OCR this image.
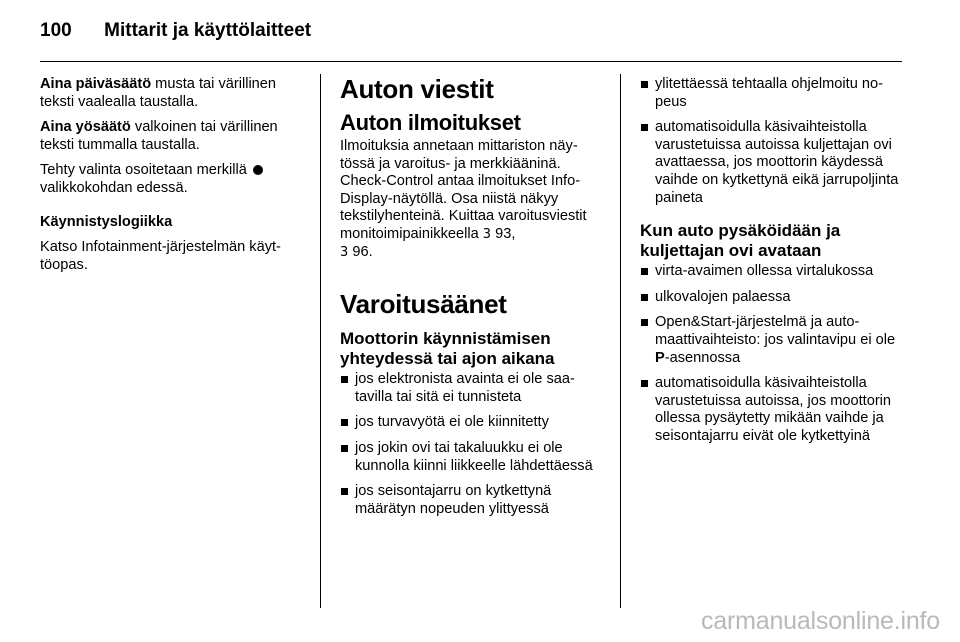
100 Mittarit ja käyttölaitteet

Aina päiväsäätö musta tai värillinen teksti vaalealla taustalla.

Aina yösäätö valkoinen tai värillinen teksti tummalla taustalla.

Tehty valinta osoitetaan merkillä
valikkokohdan edessä.

Käynnistyslogiikka

Katso Infotainment-järjestelmän käyttöopas.

Auton viestit
Auton ilmoitukset

Ilmoituksia annetaan mittariston näytössä ja varoitus- ja merkkiääninä. Check-Control antaa ilmoitukset Info-Display-näytöllä. Osa niistä näkyy tekstilyhenteinä. Kuittaa varoitusviestit monitoimipainikkeella 3 93,
3 96.

Varoitusäänet
Moottorin käynnistämisen yhteydessä tai ajon aikana
jos elektronista avainta ei ole saatavilla tai sitä ei tunnisteta
jos turvavyötä ei ole kiinnitetty
jos jokin ovi tai takaluukku ei ole kunnolla kiinni liikkeelle lähdettäessä
jos seisontajarru on kytkettynä määrätyn nopeuden ylittyessä
ylitettäessä tehtaalla ohjelmoitu nopeus
automatisoidulla käsivaihteistolla varustetuissa autoissa kuljettajan ovi avattaessa, jos moottorin käydessä vaihde on kytkettynä eikä jarrupoljinta paineta
Kun auto pysäköidään ja kuljettajan ovi avataan
virta-avaimen ollessa virtalukossa
ulkovalojen palaessa
Open&Start-järjestelmä ja automaattivaihteisto: jos valintavipu ei ole P-asennossa
automatisoidulla käsivaihteistolla varustetuissa autoissa, jos moottorin ollessa pysäytetty mikään vaihde ja seisontajarru eivät ole kytkettyinä
carmanualsonline.info
